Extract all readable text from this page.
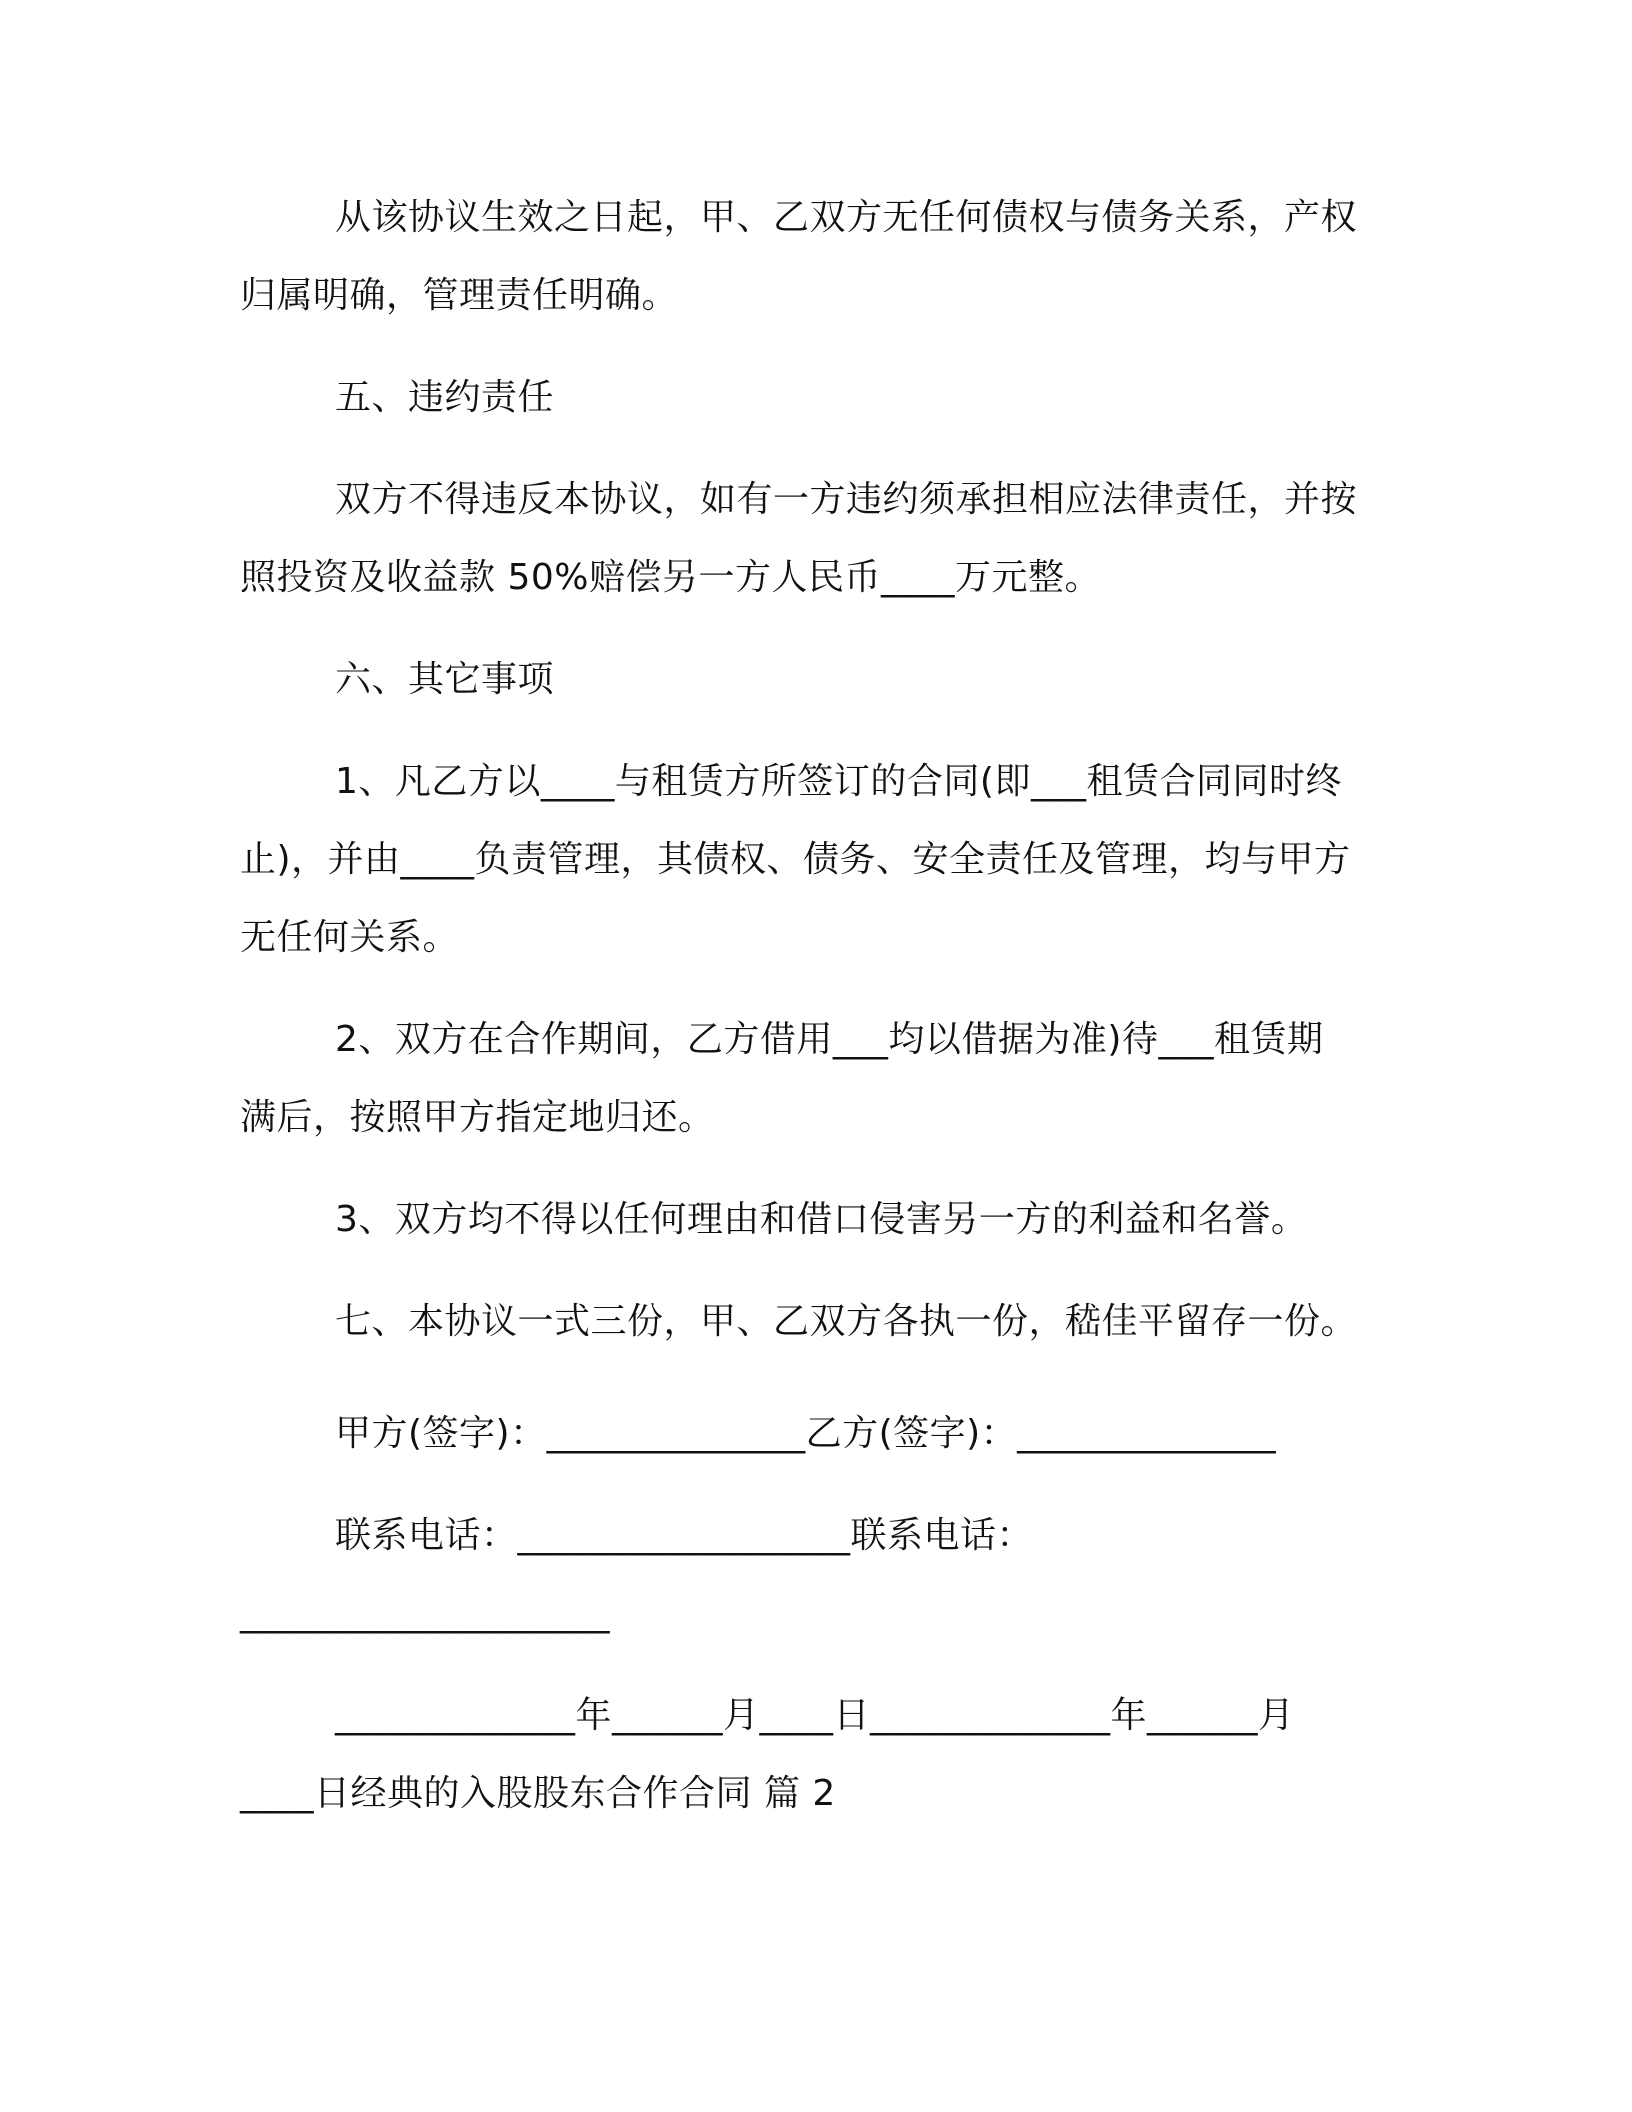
从该协议生效之日起，甲、乙双方无任何债权与债务关系，产权
归属明确，管理责任明确。
五、违约责任
双方不得违反本协议，如有一方违约须承担相应法律责任，并按
照投资及收益款 50%赔偿另一方人民币____万元整。
六、其它事项
1、凡乙方以____与租赁方所签订的合同(即___租赁合同同时终
止)，并由____负责管理，其债权、债务、安全责任及管理，均与甲方
无任何关系。
2、双方在合作期间，乙方借用___均以借据为准)待___租赁期
满后，按照甲方指定地归还。
3、双方均不得以任何理由和借口侵害另一方的利益和名誉。
七、本协议一式三份，甲、乙双方各执一份，嵇佳平留存一份。
甲方(签字)：______________乙方(签字)：______________
联系电话：__________________联系电话：
____________________
_____________年______月____日_____________年______月
____日经典的入股股东合作合同 篇 2
